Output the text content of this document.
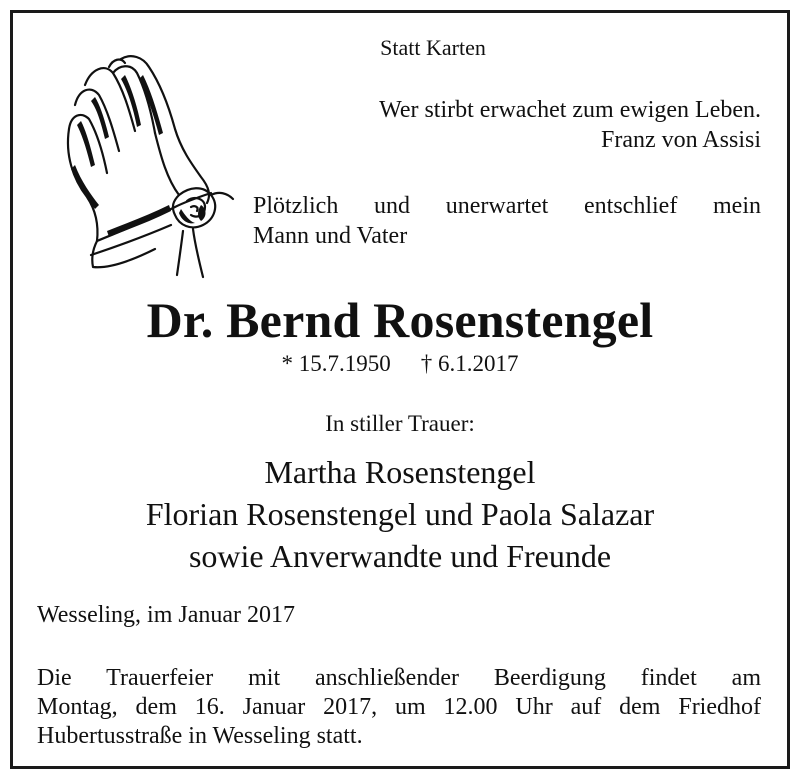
Statt Karten
Wer stirbt erwachet zum ewigen Leben.
Franz von Assisi
Plötzlich und unerwartet entschlief mein
Mann und Vater
Dr. Bernd Rosenstengel
* 15.7.1950 † 6.1.2017
In stiller Trauer:
Martha Rosenstengel
Florian Rosenstengel und Paola Salazar
sowie Anverwandte und Freunde
Wesseling, im Januar 2017
Die Trauerfeier mit anschließender Beerdigung findet am
Montag, dem 16. Januar 2017, um 12.00 Uhr auf dem Friedhof
Hubertusstraße in Wesseling statt.
